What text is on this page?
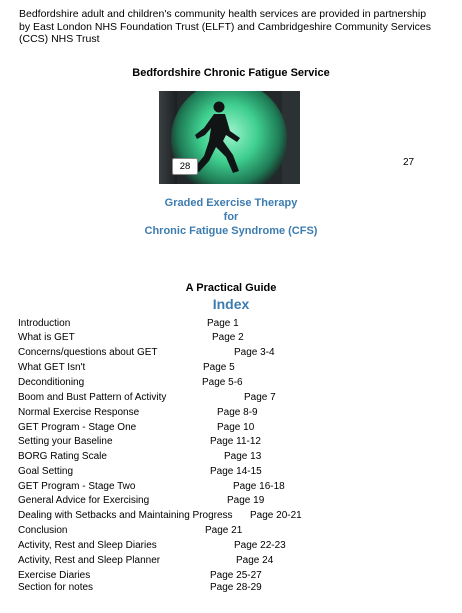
Bedfordshire adult and children's community health services are provided in partnership by East London NHS Foundation Trust (ELFT) and Cambridgeshire Community Services (CCS) NHS Trust
Bedfordshire Chronic Fatigue Service
28	27
Graded Exercise Therapy
for
Chronic Fatigue Syndrome (CFS)
A Practical Guide
Index
Introduction	Page 1
What is GET	Page 2
Concerns/questions about GET	Page 3-4
What GET Isn't	Page 5
Deconditioning	Page 5-6
Boom and Bust Pattern of Activity	Page 7
Normal Exercise Response	Page 8-9
GET Program - Stage One	Page 10
Setting your Baseline	Page 11-12
BORG Rating Scale	Page 13
Goal Setting	Page 14-15
GET Program - Stage Two	Page 16-18
General Advice for Exercising	Page 19
Dealing with Setbacks and Maintaining Progress Page 20-21
Conclusion	Page 21
Activity, Rest and Sleep Diaries	Page 22-23
Activity, Rest and Sleep Planner	Page 24
Exercise Diaries	Page 25-27
Section for notes	Page 28-29
